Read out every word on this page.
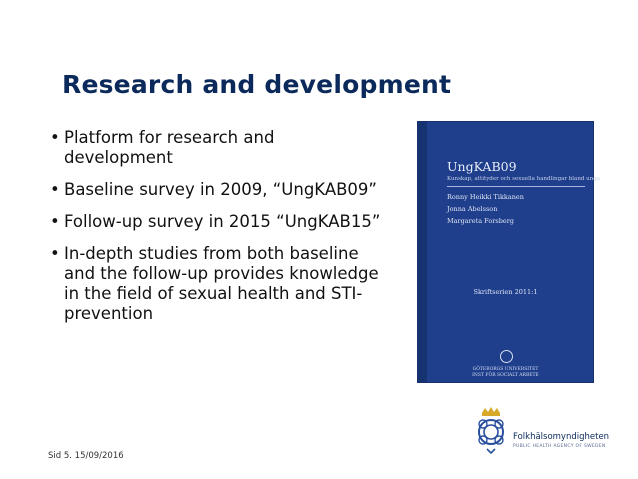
Research and development
• Platform for research and development
• Baseline survey in 2009, “UngKAB09”
• Follow-up survey in 2015 “UngKAB15”
• In-depth studies from both baseline and the follow-up provides knowledge in the field of sexual health and STI-prevention
UngKAB09
Kunskap, attityder och sexuella handlingar bland unga
Ronny Heikki Tikkanen
Jonna Abelsson
Margareta Forsberg
Skriftserien 2011:1
GÖTEBORGS UNIVERSITET
INST FÖR SOCIALT ARBETE
Sid 5. 15/09/2016
Folkhälsomyndigheten
PUBLIC HEALTH AGENCY OF SWEDEN
